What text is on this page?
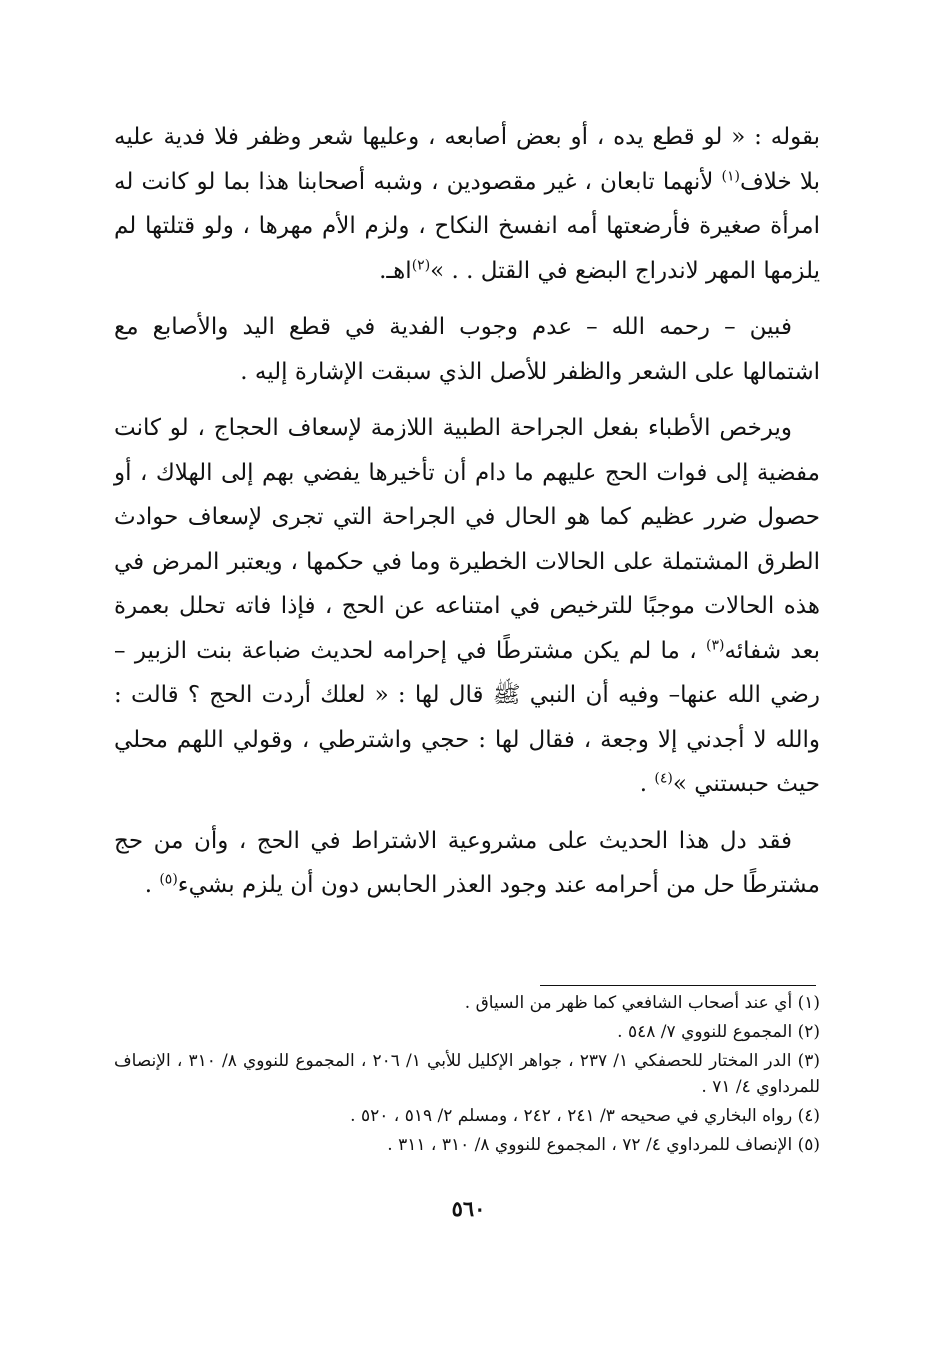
بقوله : « لو قطع يده ، أو بعض أصابعه ، وعليها شعر وظفر فلا فدية عليه بلا خلاف$^{(١)}$ لأنهما تابعان ، غير مقصودين ، وشبه أصحابنا هذا بما لو كانت له امرأة صغيرة فأرضعتها أمه انفسخ النكاح ، ولزم الأم مهرها ، ولو قتلتها لم يلزمها المهر لاندراج البضع في القتل . . »$^{(٢)}$اهـ.

فبين – رحمه الله – عدم وجوب الفدية في قطع اليد والأصابع مع اشتمالها على الشعر والظفر للأصل الذي سبقت الإشارة إليه .

ويرخص الأطباء بفعل الجراحة الطبية اللازمة لإسعاف الحجاج ، لو كانت مفضية إلى فوات الحج عليهم ما دام أن تأخيرها يفضي بهم إلى الهلاك ، أو حصول ضرر عظيم كما هو الحال في الجراحة التي تجرى لإسعاف حوادث الطرق المشتملة على الحالات الخطيرة وما في حكمها ، ويعتبر المرض في هذه الحالات موجبًا للترخيص في امتناعه عن الحج ، فإذا فاته تحلل بعمرة بعد شفائه$^{(٣)}$ ، ما لم يكن مشترطًا في إحرامه لحديث ضباعة بنت الزبير –رضي الله عنها– وفيه أن النبي ﷺ قال لها : « لعلك أردت الحج ؟ قالت : والله لا أجدني إلا وجعة ، فقال لها : حجي واشترطي ، وقولي اللهم محلي حيث حبستني »$^{(٤)}$ .

فقد دل هذا الحديث على مشروعية الاشتراط في الحج ، وأن من حج مشترطًا حل من أحرامه عند وجود العذر الحابس دون أن يلزم بشيء$^{(٥)}$ .

(١) أي عند أصحاب الشافعي كما ظهر من السياق .
(٢) المجموع للنووي ٧/ ٥٤٨ .
(٣) الدر المختار للحصفكي ١/ ٢٣٧ ، جواهر الإكليل للأبي ١/ ٢٠٦ ، المجموع للنووي ٨/ ٣١٠ ، الإنصاف للمرداوي ٤/ ٧١ .
(٤) رواه البخاري في صحيحه ٣/ ٢٤١ ، ٢٤٢ ، ومسلم ٢/ ٥١٩ ، ٥٢٠ .
(٥) الإنصاف للمرداوي ٤/ ٧٢ ، المجموع للنووي ٨/ ٣١٠ ، ٣١١ .
٥٦٠
